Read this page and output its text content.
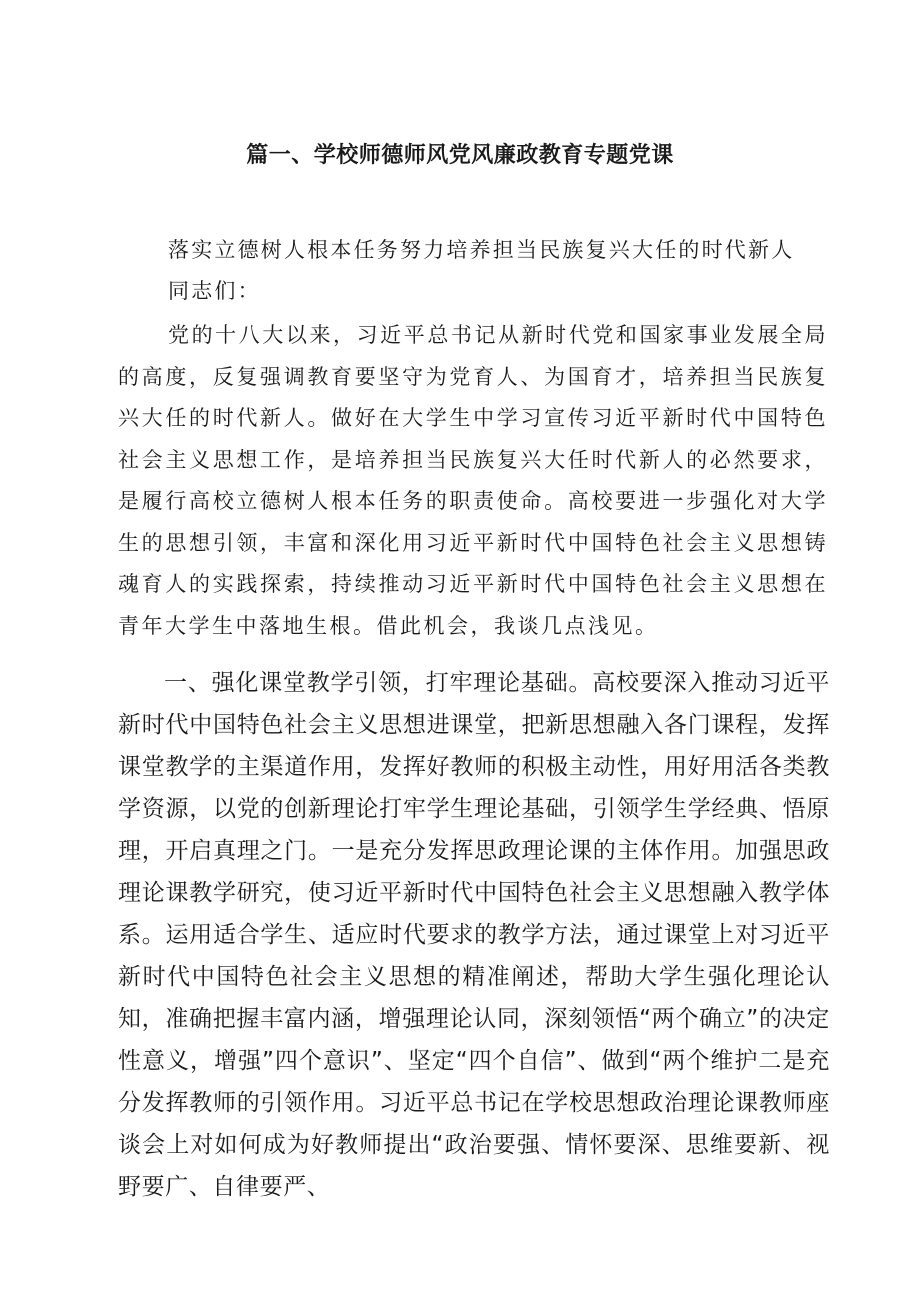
篇一、学校师德师风党风廉政教育专题党课

落实立德树人根本任务努力培养担当民族复兴大任的时代新人

同志们：

党的十八大以来，习近平总书记从新时代党和国家事业发展全局的高度，反复强调教育要坚守为党育人、为国育才，培养担当民族复兴大任的时代新人。做好在大学生中学习宣传习近平新时代中国特色社会主义思想工作，是培养担当民族复兴大任时代新人的必然要求，是履行高校立德树人根本任务的职责使命。高校要进一步强化对大学生的思想引领，丰富和深化用习近平新时代中国特色社会主义思想铸魂育人的实践探索，持续推动习近平新时代中国特色社会主义思想在青年大学生中落地生根。借此机会，我谈几点浅见。

一、强化课堂教学引领，打牢理论基础。高校要深入推动习近平新时代中国特色社会主义思想进课堂，把新思想融入各门课程，发挥课堂教学的主渠道作用，发挥好教师的积极主动性，用好用活各类教学资源，以党的创新理论打牢学生理论基础，引领学生学经典、悟原理，开启真理之门。一是充分发挥思政理论课的主体作用。加强思政理论课教学研究，使习近平新时代中国特色社会主义思想融入教学体系。运用适合学生、适应时代要求的教学方法，通过课堂上对习近平新时代中国特色社会主义思想的精准阐述，帮助大学生强化理论认知，准确把握丰富内涵，增强理论认同，深刻领悟“两个确立”的决定性意义，增强”四个意识”、坚定“四个自信”、做到“两个维护二是充分发挥教师的引领作用。习近平总书记在学校思想政治理论课教师座谈会上对如何成为好教师提出“政治要强、情怀要深、思维要新、视野要广、自律要严、
